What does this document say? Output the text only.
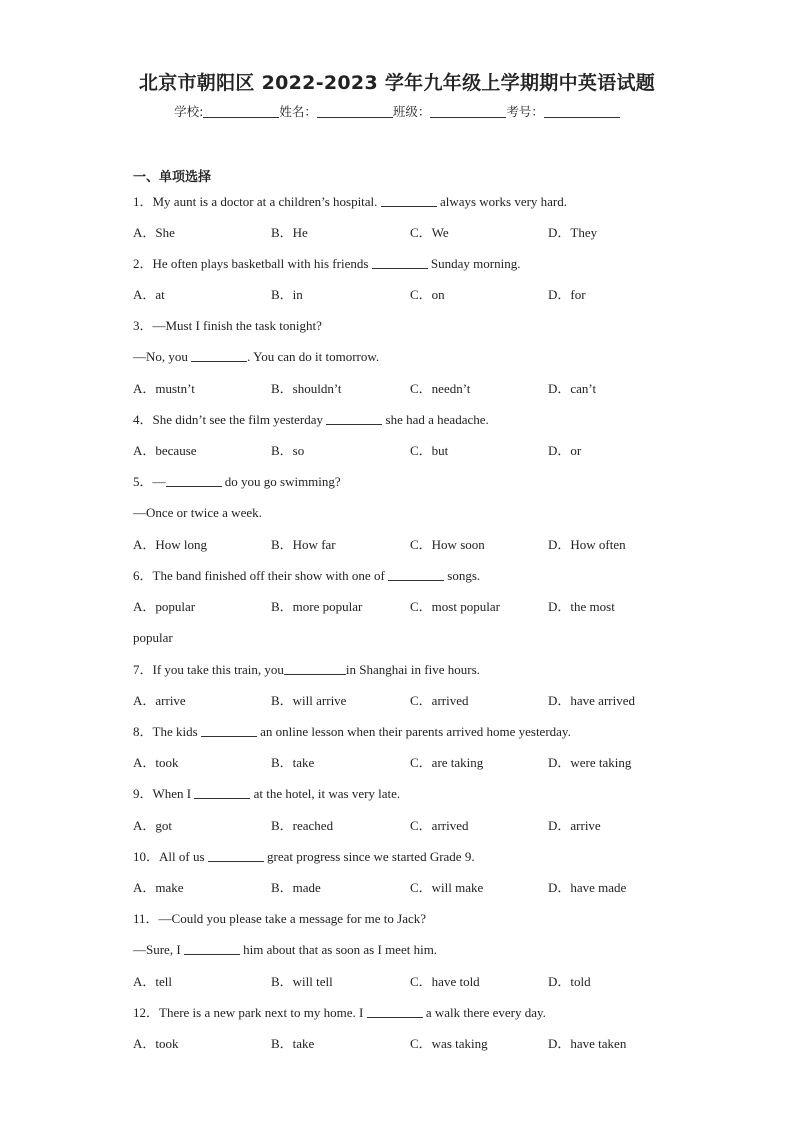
北京市朝阳区 2022-2023 学年九年级上学期期中英语试题
学校:	姓名：	班级：	考号：
一、单项选择
1．My aunt is a doctor at a children’s hospital.	always works very hard.
A．She	B．He	C．We	D．They
2．He often plays basketball with his friends	Sunday morning.
A．at	B．in	C．on	D．for
3．—Must I finish the task tonight?
—No, you	. You can do it tomorrow.
A．mustn’t	B．shouldn’t	C．needn’t	D．can’t
4．She didn’t see the film yesterday	she had a headache.
A．because	B．so	C．but	D．or
5．—	do you go swimming?
—Once or twice a week.
A．How long	B．How far	C．How soon	D．How often
6．The band finished off their show with one of	songs.
A．popular	B．more popular	C．most popular	D．the most
popular
7．If you take this train, you	in Shanghai in five hours.
A．arrive	B．will arrive	C．arrived	D．have arrived
8．The kids	an online lesson when their parents arrived home yesterday.
A．took	B．take	C．are taking	D．were taking
9．When I	at the hotel, it was very late.
A．got	B．reached	C．arrived	D．arrive
10．All of us	great progress since we started Grade 9.
A．make	B．made	C．will make	D．have made
11．—Could you please take a message for me to Jack?
—Sure, I	him about that as soon as I meet him.
A．tell	B．will tell	C．have told	D．told
12．There is a new park next to my home. I	a walk there every day.
A．took	B．take	C．was taking	D．have taken
